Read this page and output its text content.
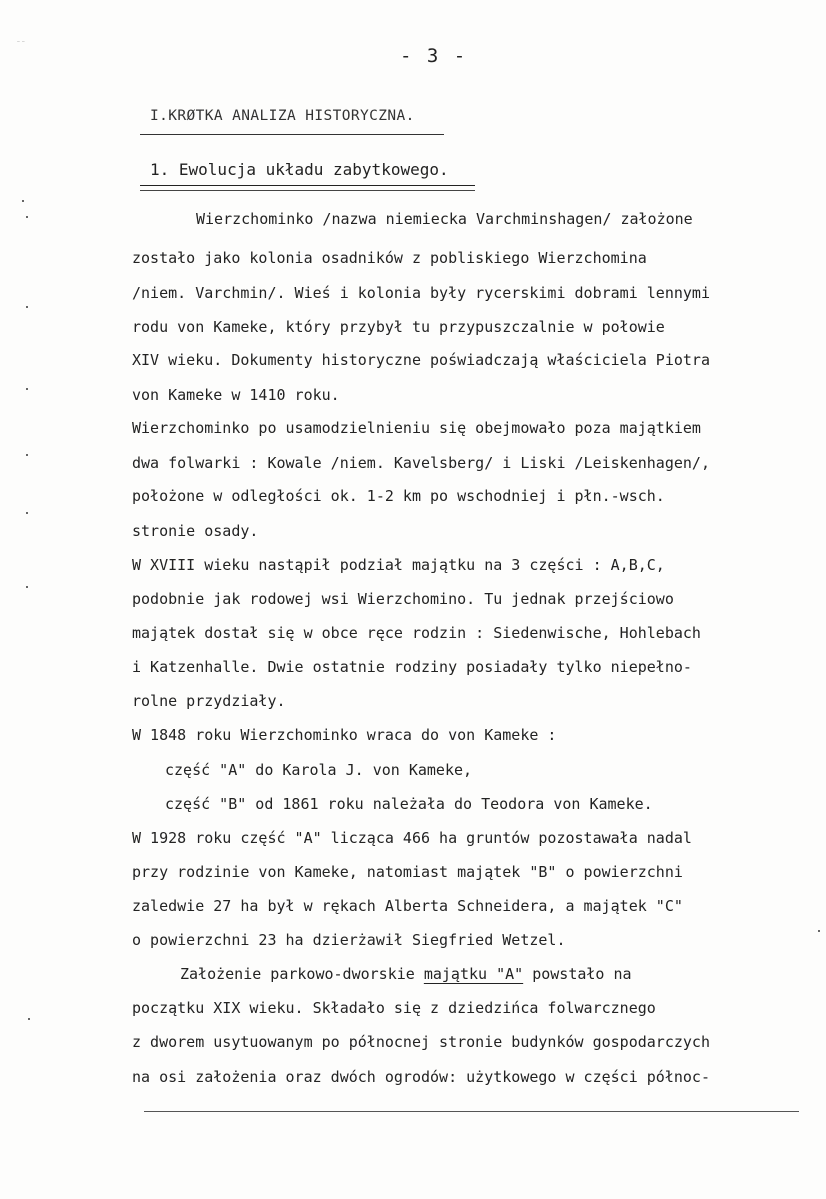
⁻⁻
- 3 -
I.KRØTKA ANALIZA HISTORYCZNA.
1. Ewolucja układu zabytkowego.
Wierzchominko /nazwa niemiecka Varchminshagen/ założone
zostało jako kolonia osadników z pobliskiego Wierzchomina
/niem. Varchmin/. Wieś i kolonia były rycerskimi dobrami lennymi
rodu von Kameke, który przybył tu przypuszczalnie w połowie
XIV wieku. Dokumenty historyczne poświadczają właściciela Piotra
von Kameke w 1410 roku.
Wierzchominko po usamodzielnieniu się obejmowało poza majątkiem
dwa folwarki : Kowale /niem. Kavelsberg/ i Liski /Leiskenhagen/,
położone w odległości ok. 1-2 km po wschodniej i płn.-wsch.
stronie osady.
W XVIII wieku nastąpił podział majątku na 3 części : A,B,C,
podobnie jak rodowej wsi Wierzchomino. Tu jednak przejściowo
majątek dostał się w obce ręce rodzin : Siedenwische, Hohlebach
i Katzenhalle. Dwie ostatnie rodziny posiadały tylko niepełno-
rolne przydziały.
W 1848 roku Wierzchominko wraca do von Kameke :
część "A" do Karola J. von Kameke,
część "B" od 1861 roku należała do Teodora von Kameke.
W 1928 roku część "A" licząca 466 ha gruntów pozostawała nadal
przy rodzinie von Kameke, natomiast majątek "B" o powierzchni
zaledwie 27 ha był w rękach Alberta Schneidera, a majątek "C"
o powierzchni 23 ha dzierżawił Siegfried Wetzel.
Założenie parkowo-dworskie majątku "A" powstało na
początku XIX wieku. Składało się z dziedzińca folwarcznego
z dworem usytuowanym po północnej stronie budynków gospodarczych
na osi założenia oraz dwóch ogrodów: użytkowego w części północ-
